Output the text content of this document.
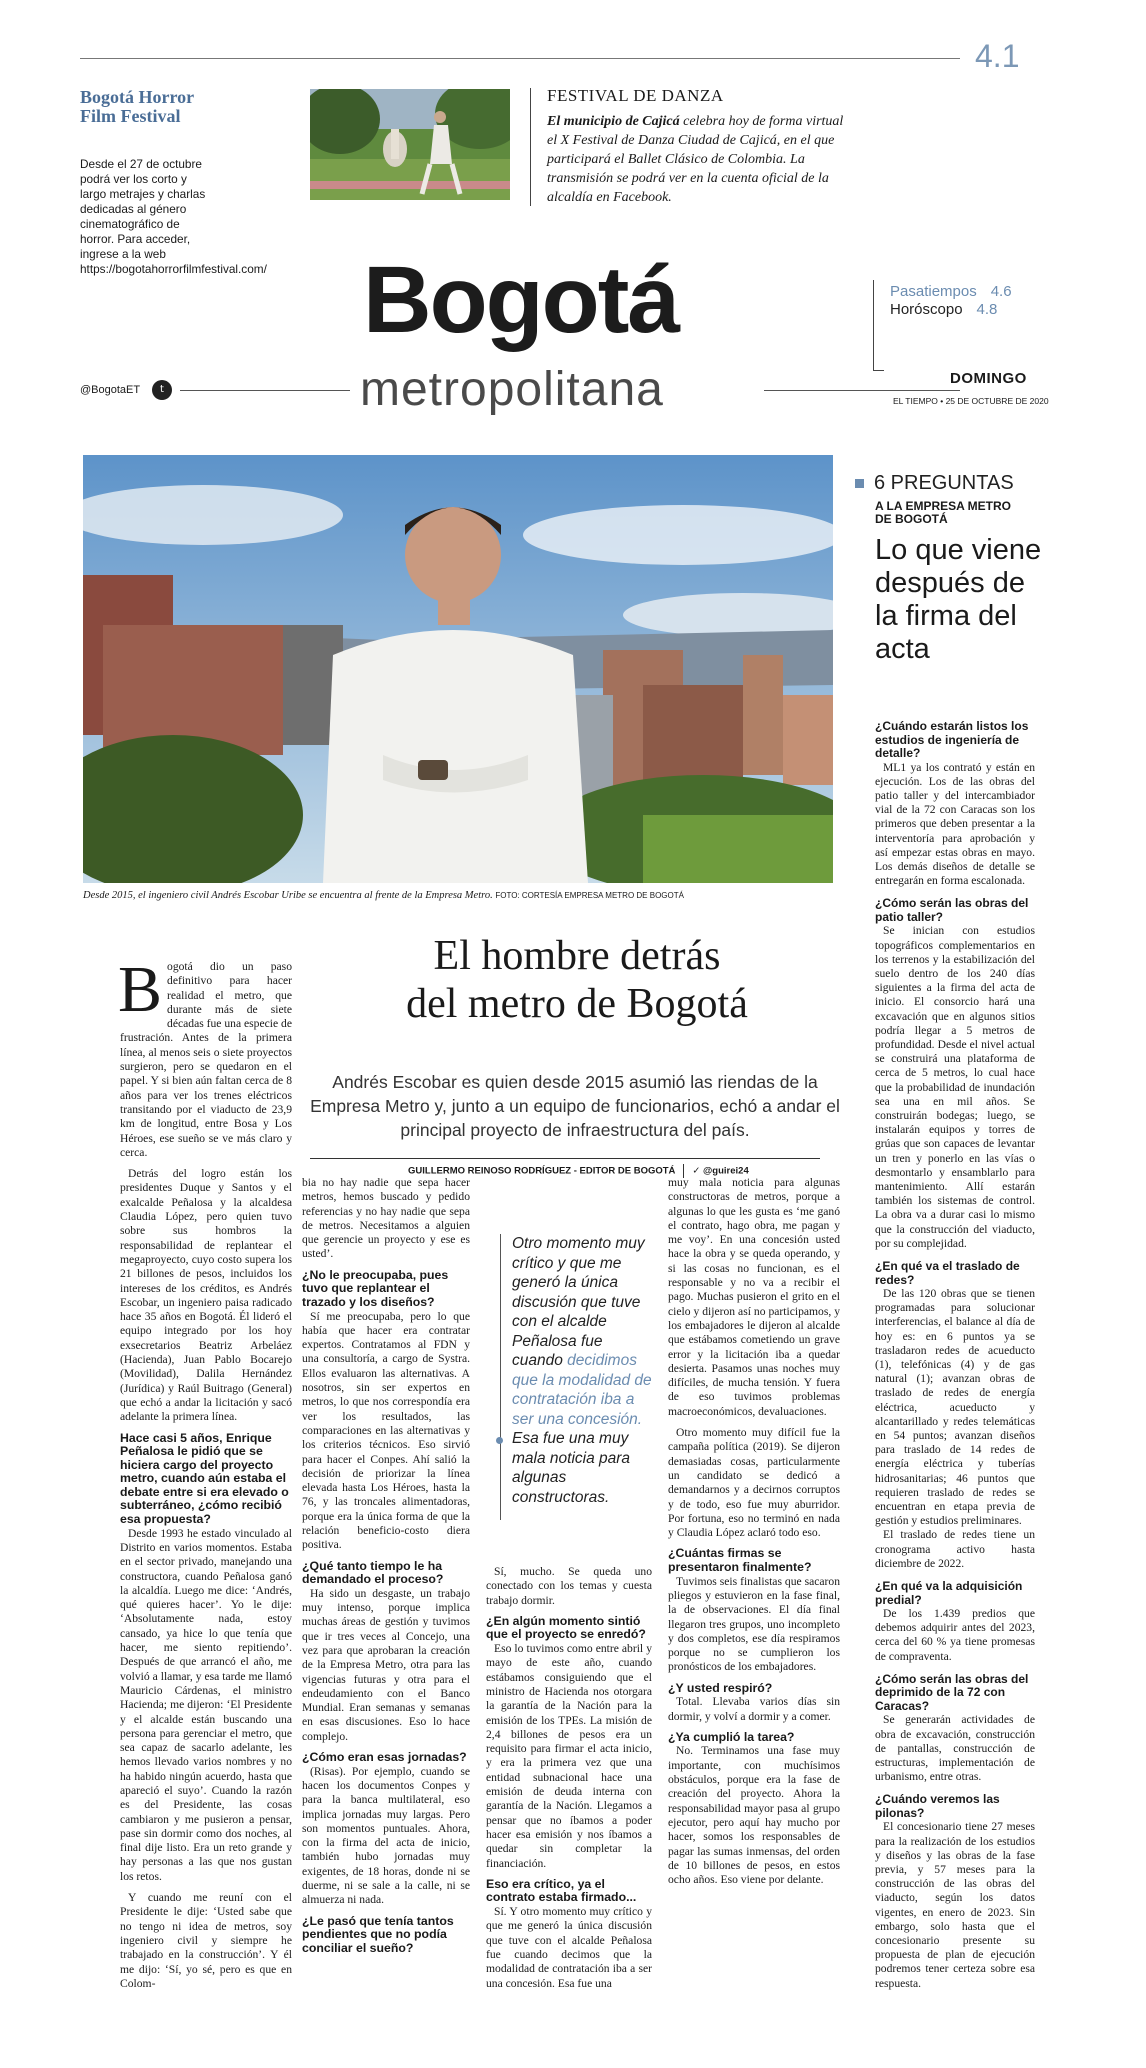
4.1
Bogotá Horror Film Festival
Desde el 27 de octubre podrá ver los corto y largo metrajes y charlas dedicadas al género cinematográfico de horror. Para acceder, ingrese a la web https://bogotahorrorfilmfestival.com/
FESTIVAL DE DANZA
El municipio de Cajicá celebra hoy de forma virtual el X Festival de Danza Ciudad de Cajicá, en el que participará el Ballet Clásico de Colombia. La transmisión se podrá ver en la cuenta oficial de la alcaldía en Facebook.
Bogotá
metropolitana
@BogotaET	t
Pasatiempos 4.6
Horóscopo 4.8
DOMINGO
EL TIEMPO • 25 DE OCTUBRE DE 2020
Desde 2015, el ingeniero civil Andrés Escobar Uribe se encuentra al frente de la Empresa Metro. FOTO: CORTESÍA EMPRESA METRO DE BOGOTÁ
6 PREGUNTAS
A LA EMPRESA METRO DE BOGOTÁ
Lo que viene después de la firma del acta
¿Cuándo estarán listos los estudios de ingeniería de detalle?

ML1 ya los contrató y están en ejecución. Los de las obras del patio taller y del intercambiador vial de la 72 con Caracas son los primeros que deben presentar a la interventoría para aprobación y así empezar estas obras en mayo. Los demás diseños de detalle se entregarán en forma escalonada.

¿Cómo serán las obras del patio taller?

Se inician con estudios topográficos complementarios en los terrenos y la estabilización del suelo dentro de los 240 días siguientes a la firma del acta de inicio. El consorcio hará una excavación que en algunos sitios podría llegar a 5 metros de profundidad. Desde el nivel actual se construirá una plataforma de cerca de 5 metros, lo cual hace que la probabilidad de inundación sea una en mil años. Se construirán bodegas; luego, se instalarán equipos y torres de grúas que son capaces de levantar un tren y ponerlo en las vías o desmontarlo y ensamblarlo para mantenimiento. Allí estarán también los sistemas de control. La obra va a durar casi lo mismo que la construcción del viaducto, por su complejidad.

¿En qué va el traslado de redes?

De las 120 obras que se tienen programadas para solucionar interferencias, el balance al día de hoy es: en 6 puntos ya se trasladaron redes de acueducto (1), telefónicas (4) y de gas natural (1); avanzan obras de traslado de redes de energía eléctrica, acueducto y alcantarillado y redes telemáticas en 54 puntos; avanzan diseños para traslado de 14 redes de energía eléctrica y tuberías hidrosanitarias; 46 puntos que requieren traslado de redes se encuentran en etapa previa de gestión y estudios preliminares.

El traslado de redes tiene un cronograma activo hasta diciembre de 2022.

¿En qué va la adquisición predial?

De los 1.439 predios que debemos adquirir antes del 2023, cerca del 60 % ya tiene promesas de compraventa.

¿Cómo serán las obras del deprimido de la 72 con Caracas?

Se generarán actividades de obra de excavación, construcción de pantallas, construcción de estructuras, implementación de urbanismo, entre otras.

¿Cuándo veremos las pilonas?

El concesionario tiene 27 meses para la realización de los estudios y diseños y las obras de la fase previa, y 57 meses para la construcción de las obras del viaducto, según los datos vigentes, en enero de 2023. Sin embargo, solo hasta que el concesionario presente su propuesta de plan de ejecución podremos tener certeza sobre esa respuesta.

El hombre detrás
del metro de Bogotá
Andrés Escobar es quien desde 2015 asumió las riendas de la Empresa Metro y, junto a un equipo de funcionarios, echó a andar el principal proyecto de infraestructura del país.
GUILLERMO REINOSO RODRÍGUEZ - EDITOR DE BOGOTÁ ✓ @guirei24

Bogotá dio un paso definitivo para hacer realidad el metro, que durante más de siete décadas fue una especie de frustración. Antes de la primera línea, al menos seis o siete proyectos surgieron, pero se quedaron en el papel. Y si bien aún faltan cerca de 8 años para ver los trenes eléctricos transitando por el viaducto de 23,9 km de longitud, entre Bosa y Los Héroes, ese sueño se ve más claro y cerca.

Detrás del logro están los presidentes Duque y Santos y el exalcalde Peñalosa y la alcaldesa Claudia López, pero quien tuvo sobre sus hombros la responsabilidad de replantear el megaproyecto, cuyo costo supera los 21 billones de pesos, incluidos los intereses de los créditos, es Andrés Escobar, un ingeniero paisa radicado hace 35 años en Bogotá. Él lideró el equipo integrado por los hoy exsecretarios Beatriz Arbeláez (Hacienda), Juan Pablo Bocarejo (Movilidad), Dalila Hernández (Jurídica) y Raúl Buitrago (General) que echó a andar la licitación y sacó adelante la primera línea.

Hace casi 5 años, Enrique Peñalosa le pidió que se hiciera cargo del proyecto metro, cuando aún estaba el debate entre si era elevado o subterráneo, ¿cómo recibió esa propuesta?

Desde 1993 he estado vinculado al Distrito en varios momentos. Estaba en el sector privado, manejando una constructora, cuando Peñalosa ganó la alcaldía. Luego me dice: ‘Andrés, qué quieres hacer’. Yo le dije: ‘Absolutamente nada, estoy cansado, ya hice lo que tenía que hacer, me siento repitiendo’. Después de que arrancó el año, me volvió a llamar, y esa tarde me llamó Mauricio Cárdenas, el ministro Hacienda; me dijeron: ‘El Presidente y el alcalde están buscando una persona para gerenciar el metro, que sea capaz de sacarlo adelante, les hemos llevado varios nombres y no ha habido ningún acuerdo, hasta que apareció el suyo’. Cuando la razón es del Presidente, las cosas cambiaron y me pusieron a pensar, pase sin dormir como dos noches, al final dije listo. Era un reto grande y hay personas a las que nos gustan los retos.

Y cuando me reuní con el Presidente le dije: ‘Usted sabe que no tengo ni idea de metros, soy ingeniero civil y siempre he trabajado en la construcción’. Y él me dijo: ‘Sí, yo sé, pero es que en Colom-

bia no hay nadie que sepa hacer metros, hemos buscado y pedido referencias y no hay nadie que sepa de metros. Necesitamos a alguien que gerencie un proyecto y ese es usted’.

¿No le preocupaba, pues tuvo que replantear el trazado y los diseños?

Sí me preocupaba, pero lo que había que hacer era contratar expertos. Contratamos al FDN y una consultoría, a cargo de Systra. Ellos evaluaron las alternativas. A nosotros, sin ser expertos en metros, lo que nos correspondía era ver los resultados, las comparaciones en las alternativas y los criterios técnicos. Eso sirvió para hacer el Conpes. Ahí salió la decisión de priorizar la línea elevada hasta Los Héroes, hasta la 76, y las troncales alimentadoras, porque era la única forma de que la relación beneficio-costo diera positiva.

¿Qué tanto tiempo le ha demandado el proceso?

Ha sido un desgaste, un trabajo muy intenso, porque implica muchas áreas de gestión y tuvimos que ir tres veces al Concejo, una vez para que aprobaran la creación de la Empresa Metro, otra para las vigencias futuras y otra para el endeudamiento con el Banco Mundial. Eran semanas y semanas en esas discusiones. Eso lo hace complejo.

¿Cómo eran esas jornadas?

(Risas). Por ejemplo, cuando se hacen los documentos Conpes y para la banca multilateral, eso implica jornadas muy largas. Pero son momentos puntuales. Ahora, con la firma del acta de inicio, también hubo jornadas muy exigentes, de 18 horas, donde ni se duerme, ni se sale a la calle, ni se almuerza ni nada.

¿Le pasó que tenía tantos pendientes que no podía conciliar el sueño?
Otro momento muy crítico y que me generó la única discusión que tuve con el alcalde Peñalosa fue cuando decidimos que la modalidad de contratación iba a ser una concesión. Esa fue una muy mala noticia para algunas constructoras.

Sí, mucho. Se queda uno conectado con los temas y cuesta trabajo dormir.

¿En algún momento sintió que el proyecto se enredó?

Eso lo tuvimos como entre abril y mayo de este año, cuando estábamos consiguiendo que el ministro de Hacienda nos otorgara la garantía de la Nación para la emisión de los TPEs. La misión de 2,4 billones de pesos era un requisito para firmar el acta inicio, y era la primera vez que una entidad subnacional hace una emisión de deuda interna con garantía de la Nación. Llegamos a pensar que no íbamos a poder hacer esa emisión y nos íbamos a quedar sin completar la financiación.

Eso era crítico, ya el contrato estaba firmado...

Sí. Y otro momento muy crítico y que me generó la única discusión que tuve con el alcalde Peñalosa fue cuando decimos que la modalidad de contratación iba a ser una concesión. Esa fue una

muy mala noticia para algunas constructoras de metros, porque a algunas lo que les gusta es ‘me ganó el contrato, hago obra, me pagan y me voy’. En una concesión usted hace la obra y se queda operando, y si las cosas no funcionan, es el responsable y no va a recibir el pago. Muchas pusieron el grito en el cielo y dijeron así no participamos, y los embajadores le dijeron al alcalde que estábamos cometiendo un grave error y la licitación iba a quedar desierta. Pasamos unas noches muy difíciles, de mucha tensión. Y fuera de eso tuvimos problemas macroeconómicos, devaluaciones.

Otro momento muy difícil fue la campaña política (2019). Se dijeron demasiadas cosas, particularmente un candidato se dedicó a demandarnos y a decirnos corruptos y de todo, eso fue muy aburridor. Por fortuna, eso no terminó en nada y Claudia López aclaró todo eso.

¿Cuántas firmas se presentaron finalmente?

Tuvimos seis finalistas que sacaron pliegos y estuvieron en la fase final, la de observaciones. El día final llegaron tres grupos, uno incompleto y dos completos, ese día respiramos porque no se cumplieron los pronósticos de los embajadores.

¿Y usted respiró?

Total. Llevaba varios días sin dormir, y volví a dormir y a comer.

¿Ya cumplió la tarea?

No. Terminamos una fase muy importante, con muchísimos obstáculos, porque era la fase de creación del proyecto. Ahora la responsabilidad mayor pasa al grupo ejecutor, pero aquí hay mucho por hacer, somos los responsables de pagar las sumas inmensas, del orden de 10 billones de pesos, en estos ocho años. Eso viene por delante.
